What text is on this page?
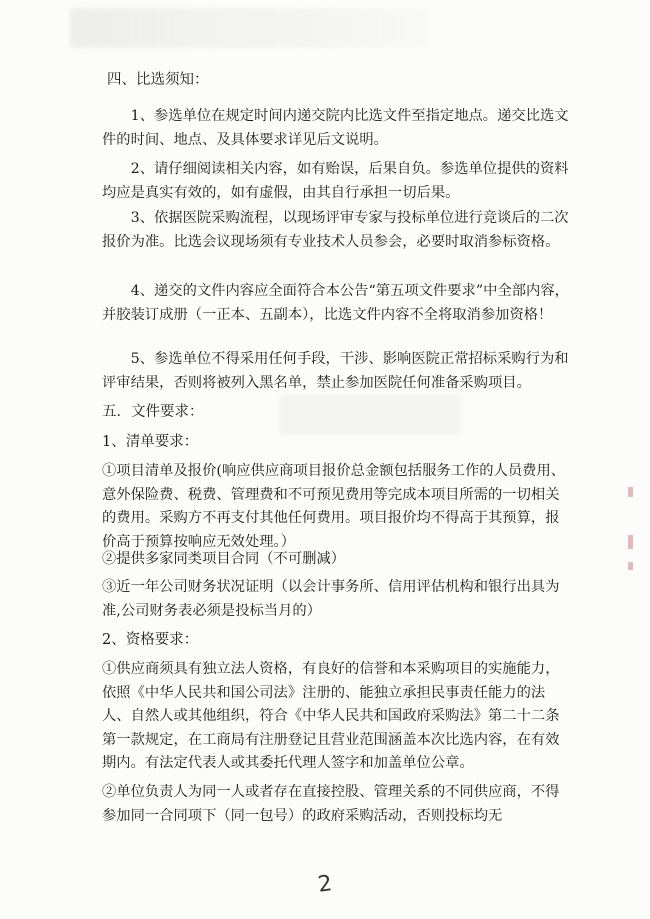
四、比选须知：

1、参选单位在规定时间内递交院内比选文件至指定地点。递交比选文件的时间、地点、及具体要求详见后文说明。

2、请仔细阅读相关内容，如有贻误，后果自负。参选单位提供的资料均应是真实有效的，如有虚假，由其自行承担一切后果。

3、依据医院采购流程，以现场评审专家与投标单位进行竞谈后的二次报价为准。比选会议现场须有专业技术人员参会，必要时取消参标资格。

4、递交的文件内容应全面符合本公告“第五项文件要求”中全部内容，并胶装订成册（一正本、五副本），比选文件内容不全将取消参加资格！

5、参选单位不得采用任何手段，干涉、影响医院正常招标采购行为和评审结果，否则将被列入黑名单，禁止参加医院任何准备采购项目。

五．文件要求：

1、清单要求：

①项目清单及报价(响应供应商项目报价总金额包括服务工作的人员费用、意外保险费、税费、管理费和不可预见费用等完成本项目所需的一切相关的费用。采购方不再支付其他任何费用。项目报价均不得高于其预算，报价高于预算按响应无效处理。）

②提供多家同类项目合同（不可删减）

③近一年公司财务状况证明（以会计事务所、信用评估机构和银行出具为准,公司财务表必须是投标当月的）

2、资格要求：

①供应商须具有独立法人资格，有良好的信誉和本采购项目的实施能力，依照《中华人民共和国公司法》注册的、能独立承担民事责任能力的法人、自然人或其他组织，符合《中华人民共和国政府采购法》第二十二条第一款规定，在工商局有注册登记且营业范围涵盖本次比选内容，在有效期内。有法定代表人或其委托代理人签字和加盖单位公章。

②单位负责人为同一人或者存在直接控股、管理关系的不同供应商，不得参加同一合同项下（同一包号）的政府采购活动，否则投标均无

2
